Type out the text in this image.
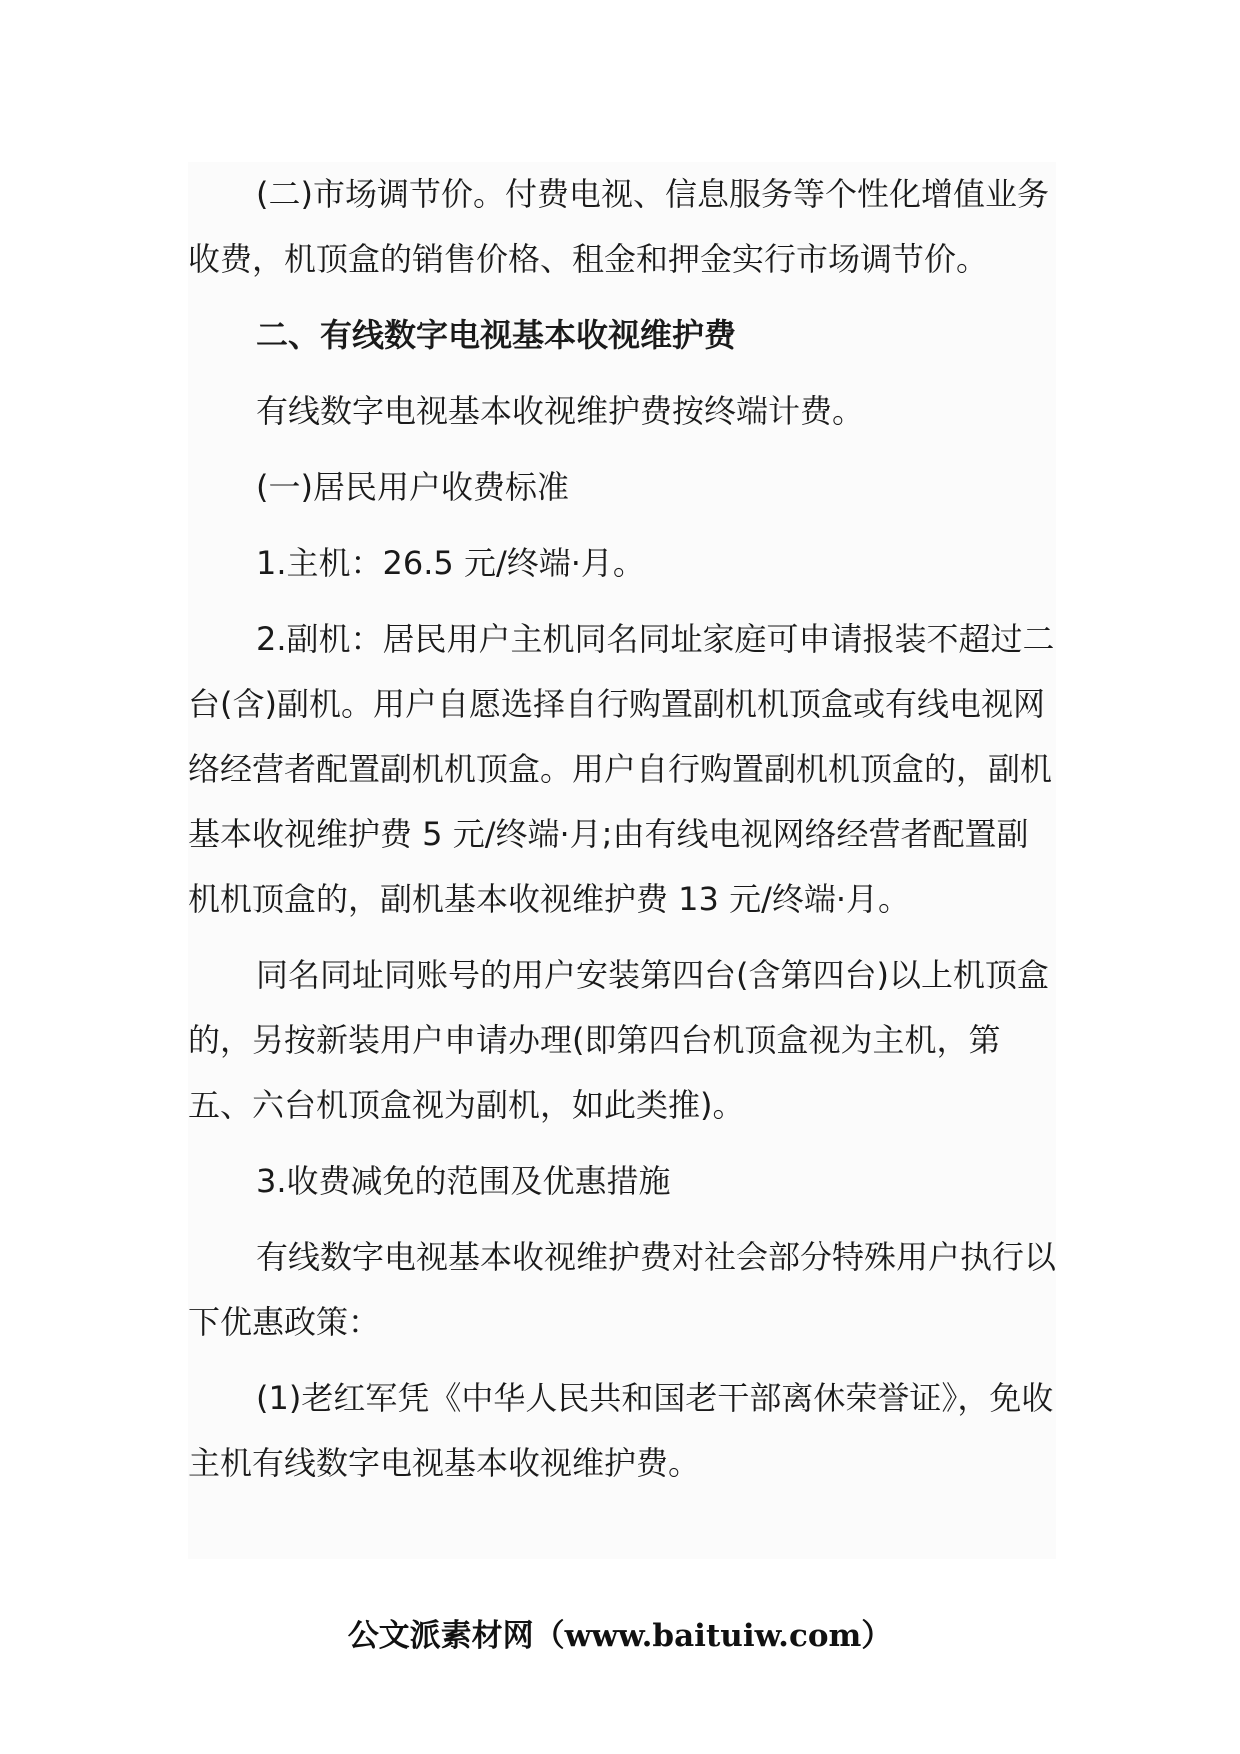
(二)市场调节价。付费电视、信息服务等个性化增值业务收费，机顶盒的销售价格、租金和押金实行市场调节价。

二、有线数字电视基本收视维护费

有线数字电视基本收视维护费按终端计费。

(一)居民用户收费标准

1.主机：26.5 元/终端·月。

2.副机：居民用户主机同名同址家庭可申请报装不超过二台(含)副机。用户自愿选择自行购置副机机顶盒或有线电视网络经营者配置副机机顶盒。用户自行购置副机机顶盒的，副机基本收视维护费 5 元/终端·月;由有线电视网络经营者配置副机机顶盒的，副机基本收视维护费 13 元/终端·月。

同名同址同账号的用户安装第四台(含第四台)以上机顶盒的，另按新装用户申请办理(即第四台机顶盒视为主机，第五、六台机顶盒视为副机，如此类推)。

3.收费减免的范围及优惠措施

有线数字电视基本收视维护费对社会部分特殊用户执行以下优惠政策：

(1)老红军凭《中华人民共和国老干部离休荣誉证》，免收主机有线数字电视基本收视维护费。

公文派素材网（www.baituiw.com）
